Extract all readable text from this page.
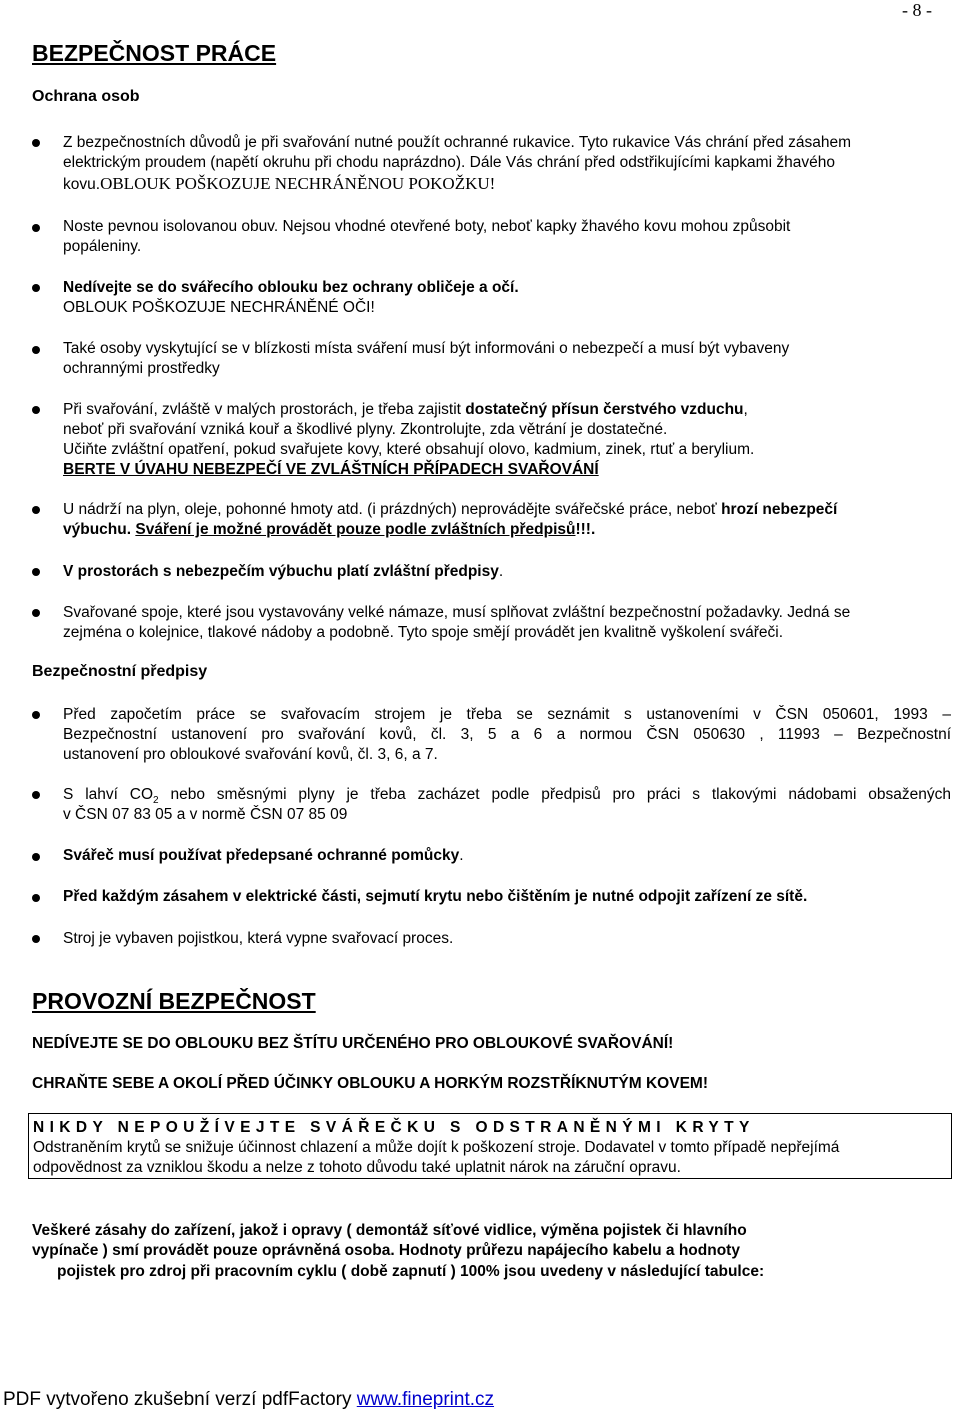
- 8 -
BEZPEČNOST PRÁCE
Ochrana osob
Z bezpečnostních důvodů je při svařování nutné použít ochranné rukavice. Tyto rukavice Vás chrání před zásahem
elektrickým proudem (napětí okruhu při chodu naprázdno). Dále Vás chrání před odstřikujícími kapkami žhavého
kovu.OBLOUK POŠKOZUJE NECHRÁNĚNOU POKOŽKU!
Noste pevnou isolovanou obuv. Nejsou vhodné otevřené boty, neboť kapky žhavého kovu mohou způsobit
popáleniny.
Nedívejte se do svářecího oblouku bez ochrany obličeje a očí.
OBLOUK POŠKOZUJE NECHRÁNĚNÉ OČI!
Také osoby vyskytující se v blízkosti místa sváření musí být informováni o nebezpečí a musí být vybaveny
ochrannými prostředky
Při svařování, zvláště v malých prostorách, je třeba zajistit dostatečný přísun čerstvého vzduchu,
neboť při svařování vzniká kouř a škodlivé plyny. Zkontrolujte, zda větrání je dostatečné.
Učiňte zvláštní opatření, pokud svařujete kovy, které obsahují olovo, kadmium, zinek, rtuť a berylium.
BERTE V ÚVAHU NEBEZPEČÍ VE ZVLÁŠTNÍCH PŘÍPADECH SVAŘOVÁNÍ
U nádrží na plyn, oleje, pohonné hmoty atd. (i prázdných) neprovádějte svářečské práce, neboť hrozí nebezpečí
výbuchu. Sváření je možné provádět pouze podle zvláštních předpisů!!!.
V prostorách s nebezpečím výbuchu platí zvláštní předpisy.
Svařované spoje, které jsou vystavovány velké námaze, musí splňovat zvláštní bezpečnostní požadavky. Jedná se
zejména o kolejnice, tlakové nádoby a podobně. Tyto spoje smějí provádět jen kvalitně vyškolení svářeči.
Bezpečnostní předpisy
Před započetím práce se svařovacím strojem je třeba se seznámit s ustanoveními v ČSN 050601, 1993 –
Bezpečnostní ustanovení pro svařování kovů, čl. 3, 5 a 6 a normou ČSN 050630 , 11993 – Bezpečnostní
ustanovení pro obloukové svařování kovů, čl. 3, 6, a 7.
S lahví $CO_2$ nebo směsnými plyny je třeba zacházet podle předpisů pro práci s tlakovými nádobami obsažených
v ČSN 07 83 05 a v normě ČSN 07 85 09
Svářeč musí používat předepsané ochranné pomůcky.
Před každým zásahem v elektrické části, sejmutí krytu nebo čištěním je nutné odpojit zařízení ze sítě.
Stroj je vybaven pojistkou, která vypne svařovací proces.
PROVOZNÍ BEZPEČNOST
NEDÍVEJTE SE DO OBLOUKU BEZ ŠTÍTU URČENÉHO PRO OBLOUKOVÉ SVAŘOVÁNÍ!
CHRAŇTE SEBE A OKOLÍ PŘED ÚČINKY OBLOUKU A HORKÝM ROZSTŘÍKNUTÝM KOVEM!
NIKDY NEPOUŽÍVEJTE SVÁŘEČKU S ODSTRANĚNÝMI KRYTY
Odstraněním krytů se snižuje účinnost chlazení a může dojít k poškození stroje. Dodavatel v tomto případě nepřejímá
odpovědnost za vzniklou škodu a nelze z tohoto důvodu také uplatnit nárok na záruční opravu.
Veškeré zásahy do zařízení, jakož i opravy ( demontáž síťové vidlice, výměna pojistek či hlavního
vypínače ) smí provádět pouze oprávněná osoba. Hodnoty průřezu napájecího kabelu a hodnoty
pojistek pro zdroj při pracovním cyklu ( době zapnutí ) 100% jsou uvedeny v následující tabulce:
PDF vytvořeno zkušební verzí pdfFactory www.fineprint.cz
